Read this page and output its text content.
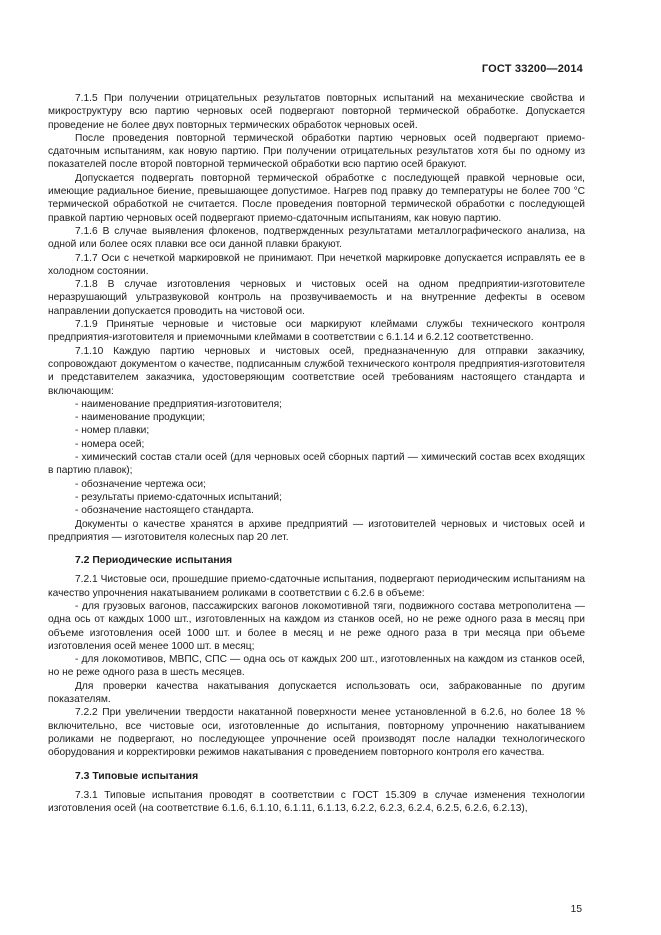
ГОСТ 33200—2014

7.1.5 При получении отрицательных результатов повторных испытаний на механические свойства и микроструктуру всю партию черновых осей подвергают повторной термической обработке. Допускается проведение не более двух повторных термических обработок черновых осей.

После проведения повторной термической обработки партию черновых осей подвергают приемо-сдаточным испытаниям, как новую партию. При получении отрицательных результатов хотя бы по одному из показателей после второй повторной термической обработки всю партию осей бракуют.

Допускается подвергать повторной термической обработке с последующей правкой черновые оси, имеющие радиальное биение, превышающее допустимое. Нагрев под правку до температуры не более 700 °С термической обработкой не считается. После проведения повторной термической обработки с последующей правкой партию черновых осей подвергают приемо-сдаточным испытаниям, как новую партию.

7.1.6 В случае выявления флокенов, подтвержденных результатами металлографического анализа, на одной или более осях плавки все оси данной плавки бракуют.

7.1.7 Оси с нечеткой маркировкой не принимают. При нечеткой маркировке допускается исправлять ее в холодном состоянии.

7.1.8 В случае изготовления черновых и чистовых осей на одном предприятии-изготовителе неразрушающий ультразвуковой контроль на прозвучиваемость и на внутренние дефекты в осевом направлении допускается проводить на чистовой оси.

7.1.9 Принятые черновые и чистовые оси маркируют клеймами службы технического контроля предприятия-изготовителя и приемочными клеймами в соответствии с 6.1.14 и 6.2.12 соответственно.

7.1.10 Каждую партию черновых и чистовых осей, предназначенную для отправки заказчику, сопровождают документом о качестве, подписанным службой технического контроля предприятия-изготовителя и представителем заказчика, удостоверяющим соответствие осей требованиям настоящего стандарта и включающим:

- наименование предприятия-изготовителя;

- наименование продукции;

- номер плавки;

- номера осей;

- химический состав стали осей (для черновых осей сборных партий — химический состав всех входящих в партию плавок);

- обозначение чертежа оси;

- результаты приемо-сдаточных испытаний;

- обозначение настоящего стандарта.

Документы о качестве хранятся в архиве предприятий — изготовителей черновых и чистовых осей и предприятия — изготовителя колесных пар 20 лет.

7.2 Периодические испытания

7.2.1 Чистовые оси, прошедшие приемо-сдаточные испытания, подвергают периодическим испытаниям на качество упрочнения накатыванием роликами в соответствии с 6.2.6 в объеме:

- для грузовых вагонов, пассажирских вагонов локомотивной тяги, подвижного состава метрополитена — одна ось от каждых 1000 шт., изготовленных на каждом из станков осей, но не реже одного раза в месяц при объеме изготовления осей 1000 шт. и более в месяц и не реже одного раза в три месяца при объеме изготовления осей менее 1000 шт. в месяц;

- для локомотивов, МВПС, СПС — одна ось от каждых 200 шт., изготовленных на каждом из станков осей, но не реже одного раза в шесть месяцев.

Для проверки качества накатывания допускается использовать оси, забракованные по другим показателям.

7.2.2 При увеличении твердости накатанной поверхности менее установленной в 6.2.6, но более 18 % включительно, все чистовые оси, изготовленные до испытания, повторному упрочнению накатыванием роликами не подвергают, но последующее упрочнение осей производят после наладки технологического оборудования и корректировки режимов накатывания с проведением повторного контроля его качества.

7.3 Типовые испытания

7.3.1 Типовые испытания проводят в соответствии с ГОСТ 15.309 в случае изменения технологии изготовления осей (на соответствие 6.1.6, 6.1.10, 6.1.11, 6.1.13, 6.2.2, 6.2.3, 6.2.4, 6.2.5, 6.2.6, 6.2.13),

15
